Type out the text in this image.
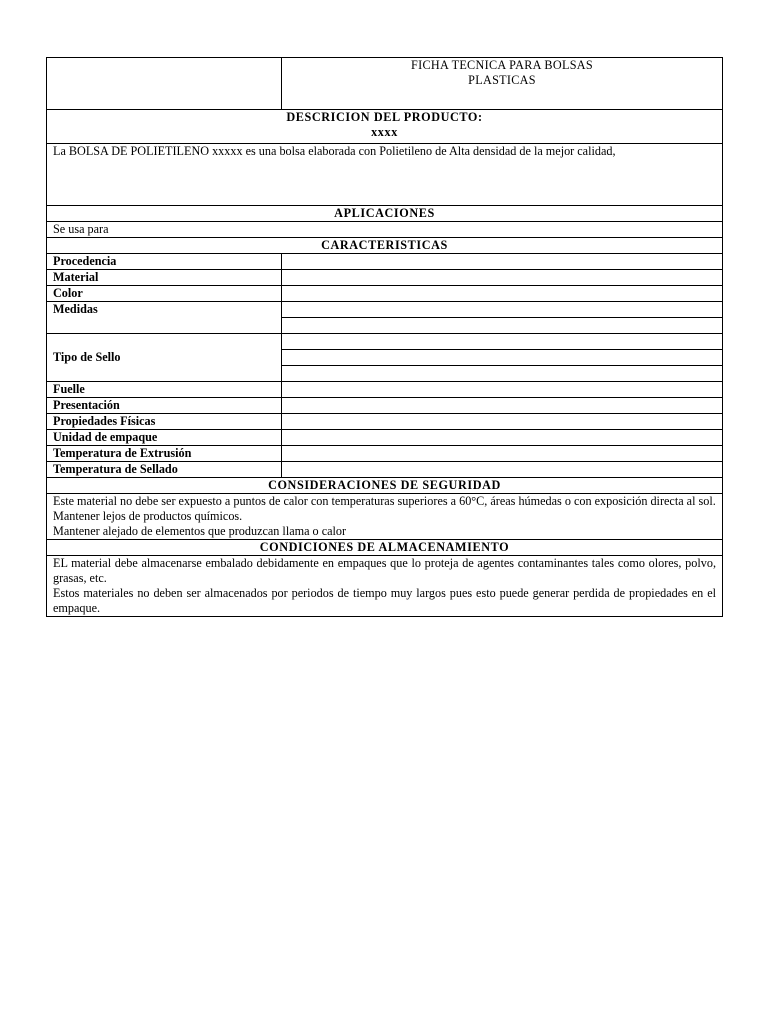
	FICHA TECNICA PARA BOLSAS
PLASTICAS

DESCRICION DEL PRODUCTO:
xxxx	

La BOLSA DE POLIETILENO xxxxx es una bolsa elaborada con Polietileno de Alta densidad de la mejor calidad,	
APLICACIONES	
Se usa para	
CARACTERISTICAS	
Procedencia	
Material	
Color	
Medidas	

Tipo de Sello	

Fuelle	
Presentación	
Propiedades Físicas	
Unidad de empaque	
Temperatura de Extrusión	
Temperatura de Sellado	
CONSIDERACIONES DE SEGURIDAD	

Este material no debe ser expuesto a puntos de calor con temperaturas superiores a 60°C, áreas húmedas o con exposición directa al sol.
Mantener lejos de productos químicos.
Mantener alejado de elementos que produzcan llama o calor	

CONDICIONES DE ALMACENAMIENTO	

EL material debe almacenarse embalado debidamente en empaques que lo proteja de agentes contaminantes tales como olores, polvo, grasas, etc.
Estos materiales no deben ser almacenados por periodos de tiempo muy largos pues esto puede generar perdida de propiedades en el empaque.	
